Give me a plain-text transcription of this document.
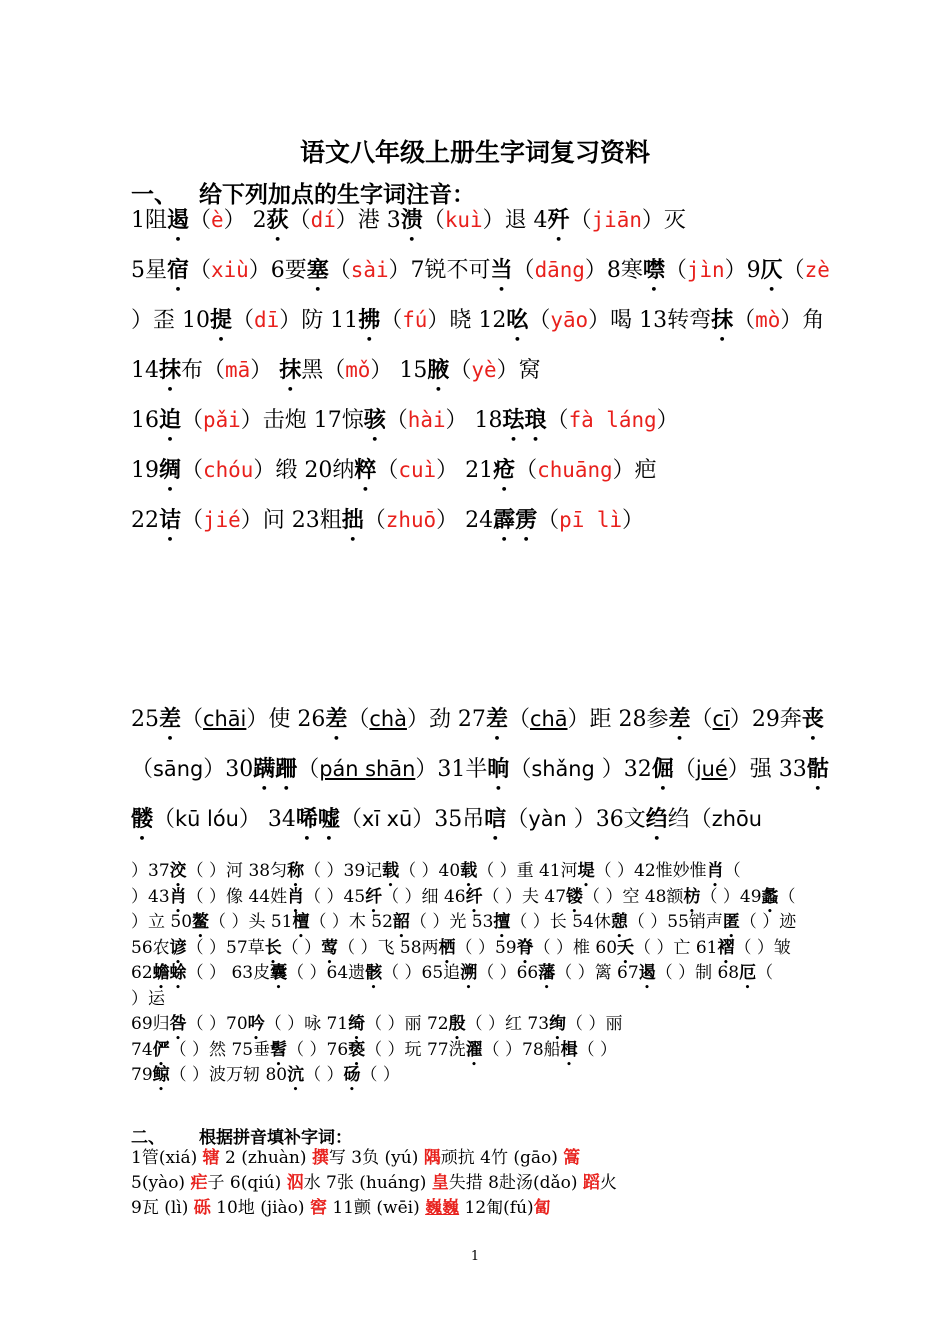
语文八年级上册生字词复习资料
一、 给下列加点的生字词注音：
1阻遏（è） 2荻（dí）港 3溃（kuì）退 4歼（jiān）灭
5星宿（xiù）6要塞（sài）7锐不可当（dāng）8寒噤（jìn）9仄（zè
）歪 10提（dī）防 11拂（fú）晓 12吆（yāo）喝 13转弯抹（mò）角
14抹布（mā） 抹黑（mǒ） 15腋（yè）窝
16迫（pǎi）击炮 17惊骇（hài） 18珐琅（fà láng）
19绸（chóu）缎 20纳粹（cuì） 21疮（chuāng）疤
22诘（jié）问 23粗拙（zhuō） 24霹雳（pī lì）
25差（chāi）使 26差（chà）劲 27差（chā）距 28参差（cī）29奔丧
（sāng）30蹒跚（pán shān）31半晌（shǎng ）32倔（jué）强 33骷
髅（kū lóu） 34唏嘘（xī xū）35吊唁（yàn ）36文绉绉（zhōu
）37洨（ ）河 38匀称（ ）39记载（ ）40载（ ）重 41河堤（ ）42惟妙惟肖（
）43肖（ ）像 44姓肖（ ）45纤（ ）细 46纤（ ）夫 47镂（ ）空 48额枋（ ）49蠡（
）立 50鳌（ ）头 51檀（ ）木 52韶（ ）光 53擅（ ）长 54休憩（ ）55销声匿（ ）迹
56农谚（ ）57草长（ ）莺（ ）飞 58两栖（ ）59脊（ ）椎 60夭（ ）亡 61褶（ ）皱
62蟾蜍（ ） 63皮囊（ ）64遗骸（ ）65追溯（ ）66藩（ ）篱 67遏（ ）制 68厄（
）运
69归咎（ ）70吟（ ）咏 71绮（ ）丽 72殷（ ）红 73绚（ ）丽
74俨（ ）然 75垂髫（ ）76亵（ ）玩 77洗濯（ ）78船楫（ ）
79鲸（ ）波万轫 80沆（ ）砀（ ）
二、 根据拼音填补字词：
1管(xiá) 辖 2 (zhuàn) 撰写 3负 (yú) 隅顽抗 4竹 (gāo) 篙
5(yào) 疟子 6(qiú) 泅水 7张 (huáng) 皇失措 8赴汤(dǎo) 蹈火
9瓦 (lì) 砾 10地 (jiào) 窖 11颤 (wēi) 巍巍 12匍(fú)匐
1
